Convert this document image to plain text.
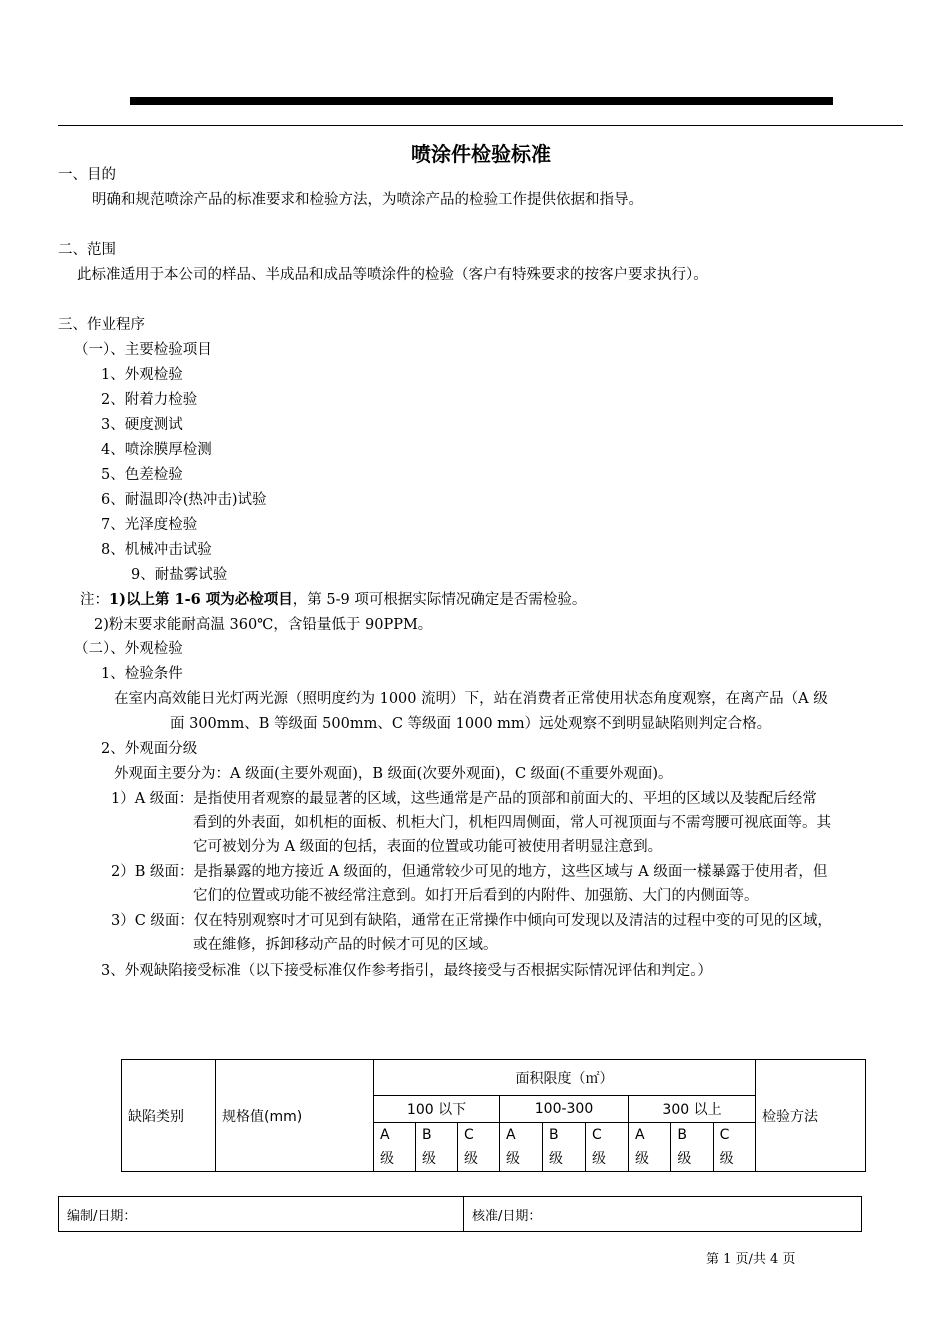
喷涂件检验标准
一、目的
明确和规范喷涂产品的标准要求和检验方法，为喷涂产品的检验工作提供依据和指导。
二、范围
此标准适用于本公司的样品、半成品和成品等喷涂件的检验（客户有特殊要求的按客户要求执行）。
三、作业程序
（一）、主要检验项目
1、外观检验
2、附着力检验
3、硬度测试
4、喷涂膜厚检测
5、色差检验
6、耐温即冷(热冲击)试验
7、光泽度检验
8、机械冲击试验
9、耐盐雾试验
注：1)以上第 1-6 项为必检项目，第 5-9 项可根据实际情况确定是否需检验。
2)粉末要求能耐高温 360℃，含铅量低于 90PPM。
（二）、外观检验
1、检验条件
在室内高效能日光灯两光源（照明度约为 1000 流明）下，站在消费者正常使用状态角度观察，在离产品（A 级
面 300mm、B 等级面 500mm、C 等级面 1000 mm）远处观察不到明显缺陷则判定合格。
2、外观面分级
外观面主要分为：A 级面(主要外观面)，B 级面(次要外观面)，C 级面(不重要外观面)。
1）A 级面：是指使用者观察的最显著的区域，这些通常是产品的顶部和前面大的、平坦的区域以及装配后经常
看到的外表面，如机柜的面板、机柜大门，机柜四周侧面，常人可视顶面与不需弯腰可视底面等。其
它可被划分为 A 级面的包括，表面的位置或功能可被使用者明显注意到。
2）B 级面：是指暴露的地方接近 A 级面的，但通常较少可见的地方，这些区域与 A 级面一樣暴露于使用者，但
它们的位置或功能不被经常注意到。如打开后看到的内附件、加强筋、大门的内侧面等。
3）C 级面：仅在特别观察吋才可见到有缺陷，通常在正常操作中倾向可发现以及清洁的过程中变的可见的区域，
或在維修，拆卸移动产品的时候才可见的区域。
3、外观缺陷接受标准（以下接受标准仅作参考指引，最终接受与否根据实际情况评估和判定。）
缺陷类别	规格值(mm)	面积限度（㎡）									检验方法
		100 以下			100-300			300 以上			
		A
级	B
级	C
级	A
级	B
级	C
级	A
级	B
级	C
级	
编制/日期：	核准/日期：
第 1 页/共 4 页
